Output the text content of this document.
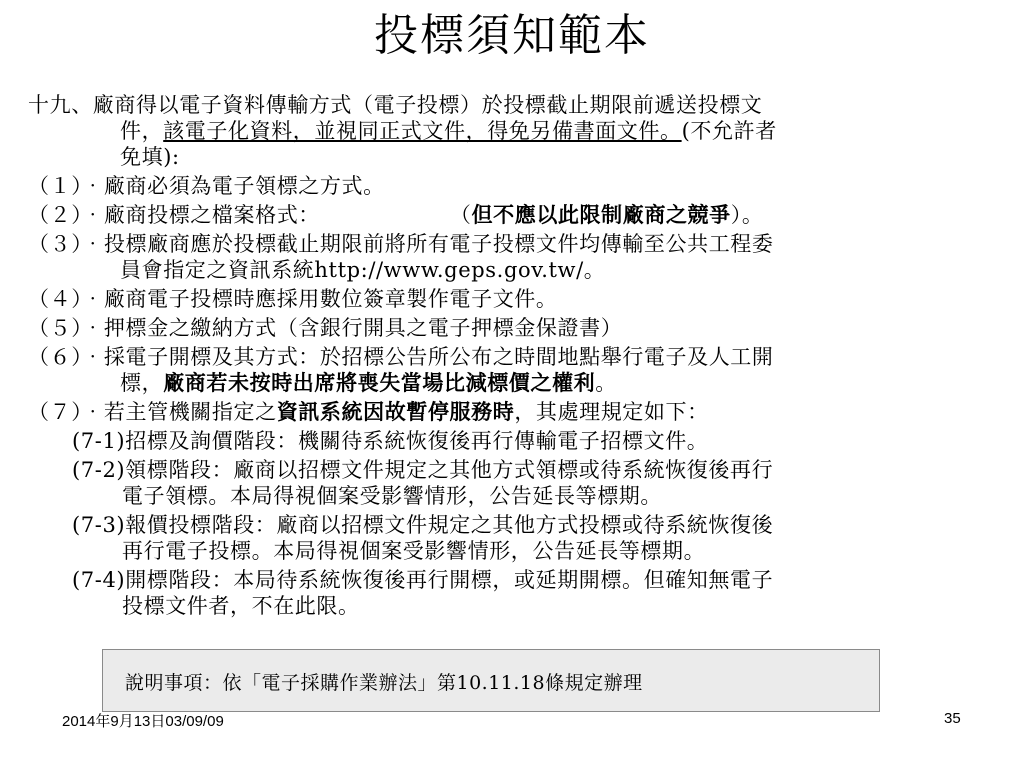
投標須知範本
十九、廠商得以電子資料傳輸方式（電子投標）於投標截止期限前遞送投標文
件，該電子化資料，並視同正式文件，得免另備書面文件。(不允許者
免填):
（１）‧廠商必須為電子領標之方式。
（２）‧廠商投標之檔案格式：	（但不應以此限制廠商之競爭）。
（３）‧投標廠商應於投標截止期限前將所有電子投標文件均傳輸至公共工程委
員會指定之資訊系統http://www.geps.gov.tw/。
（４）‧廠商電子投標時應採用數位簽章製作電子文件。
（５）‧押標金之繳納方式（含銀行開具之電子押標金保證書）
（６）‧採電子開標及其方式：於招標公告所公布之時間地點舉行電子及人工開
標，廠商若未按時出席將喪失當場比減標價之權利。
（７）‧若主管機關指定之資訊系統因故暫停服務時，其處理規定如下：
(7-1)招標及詢價階段：機關待系統恢復後再行傳輸電子招標文件。
(7-2)領標階段：廠商以招標文件規定之其他方式領標或待系統恢復後再行
電子領標。本局得視個案受影響情形，公告延長等標期。
(7-3)報價投標階段：廠商以招標文件規定之其他方式投標或待系統恢復後
再行電子投標。本局得視個案受影響情形，公告延長等標期。
(7-4)開標階段：本局待系統恢復後再行開標，或延期開標。但確知無電子
投標文件者，不在此限。
說明事項：依「電子採購作業辦法」第10.11.18條規定辦理
2014年9月13日03/09/09	35
